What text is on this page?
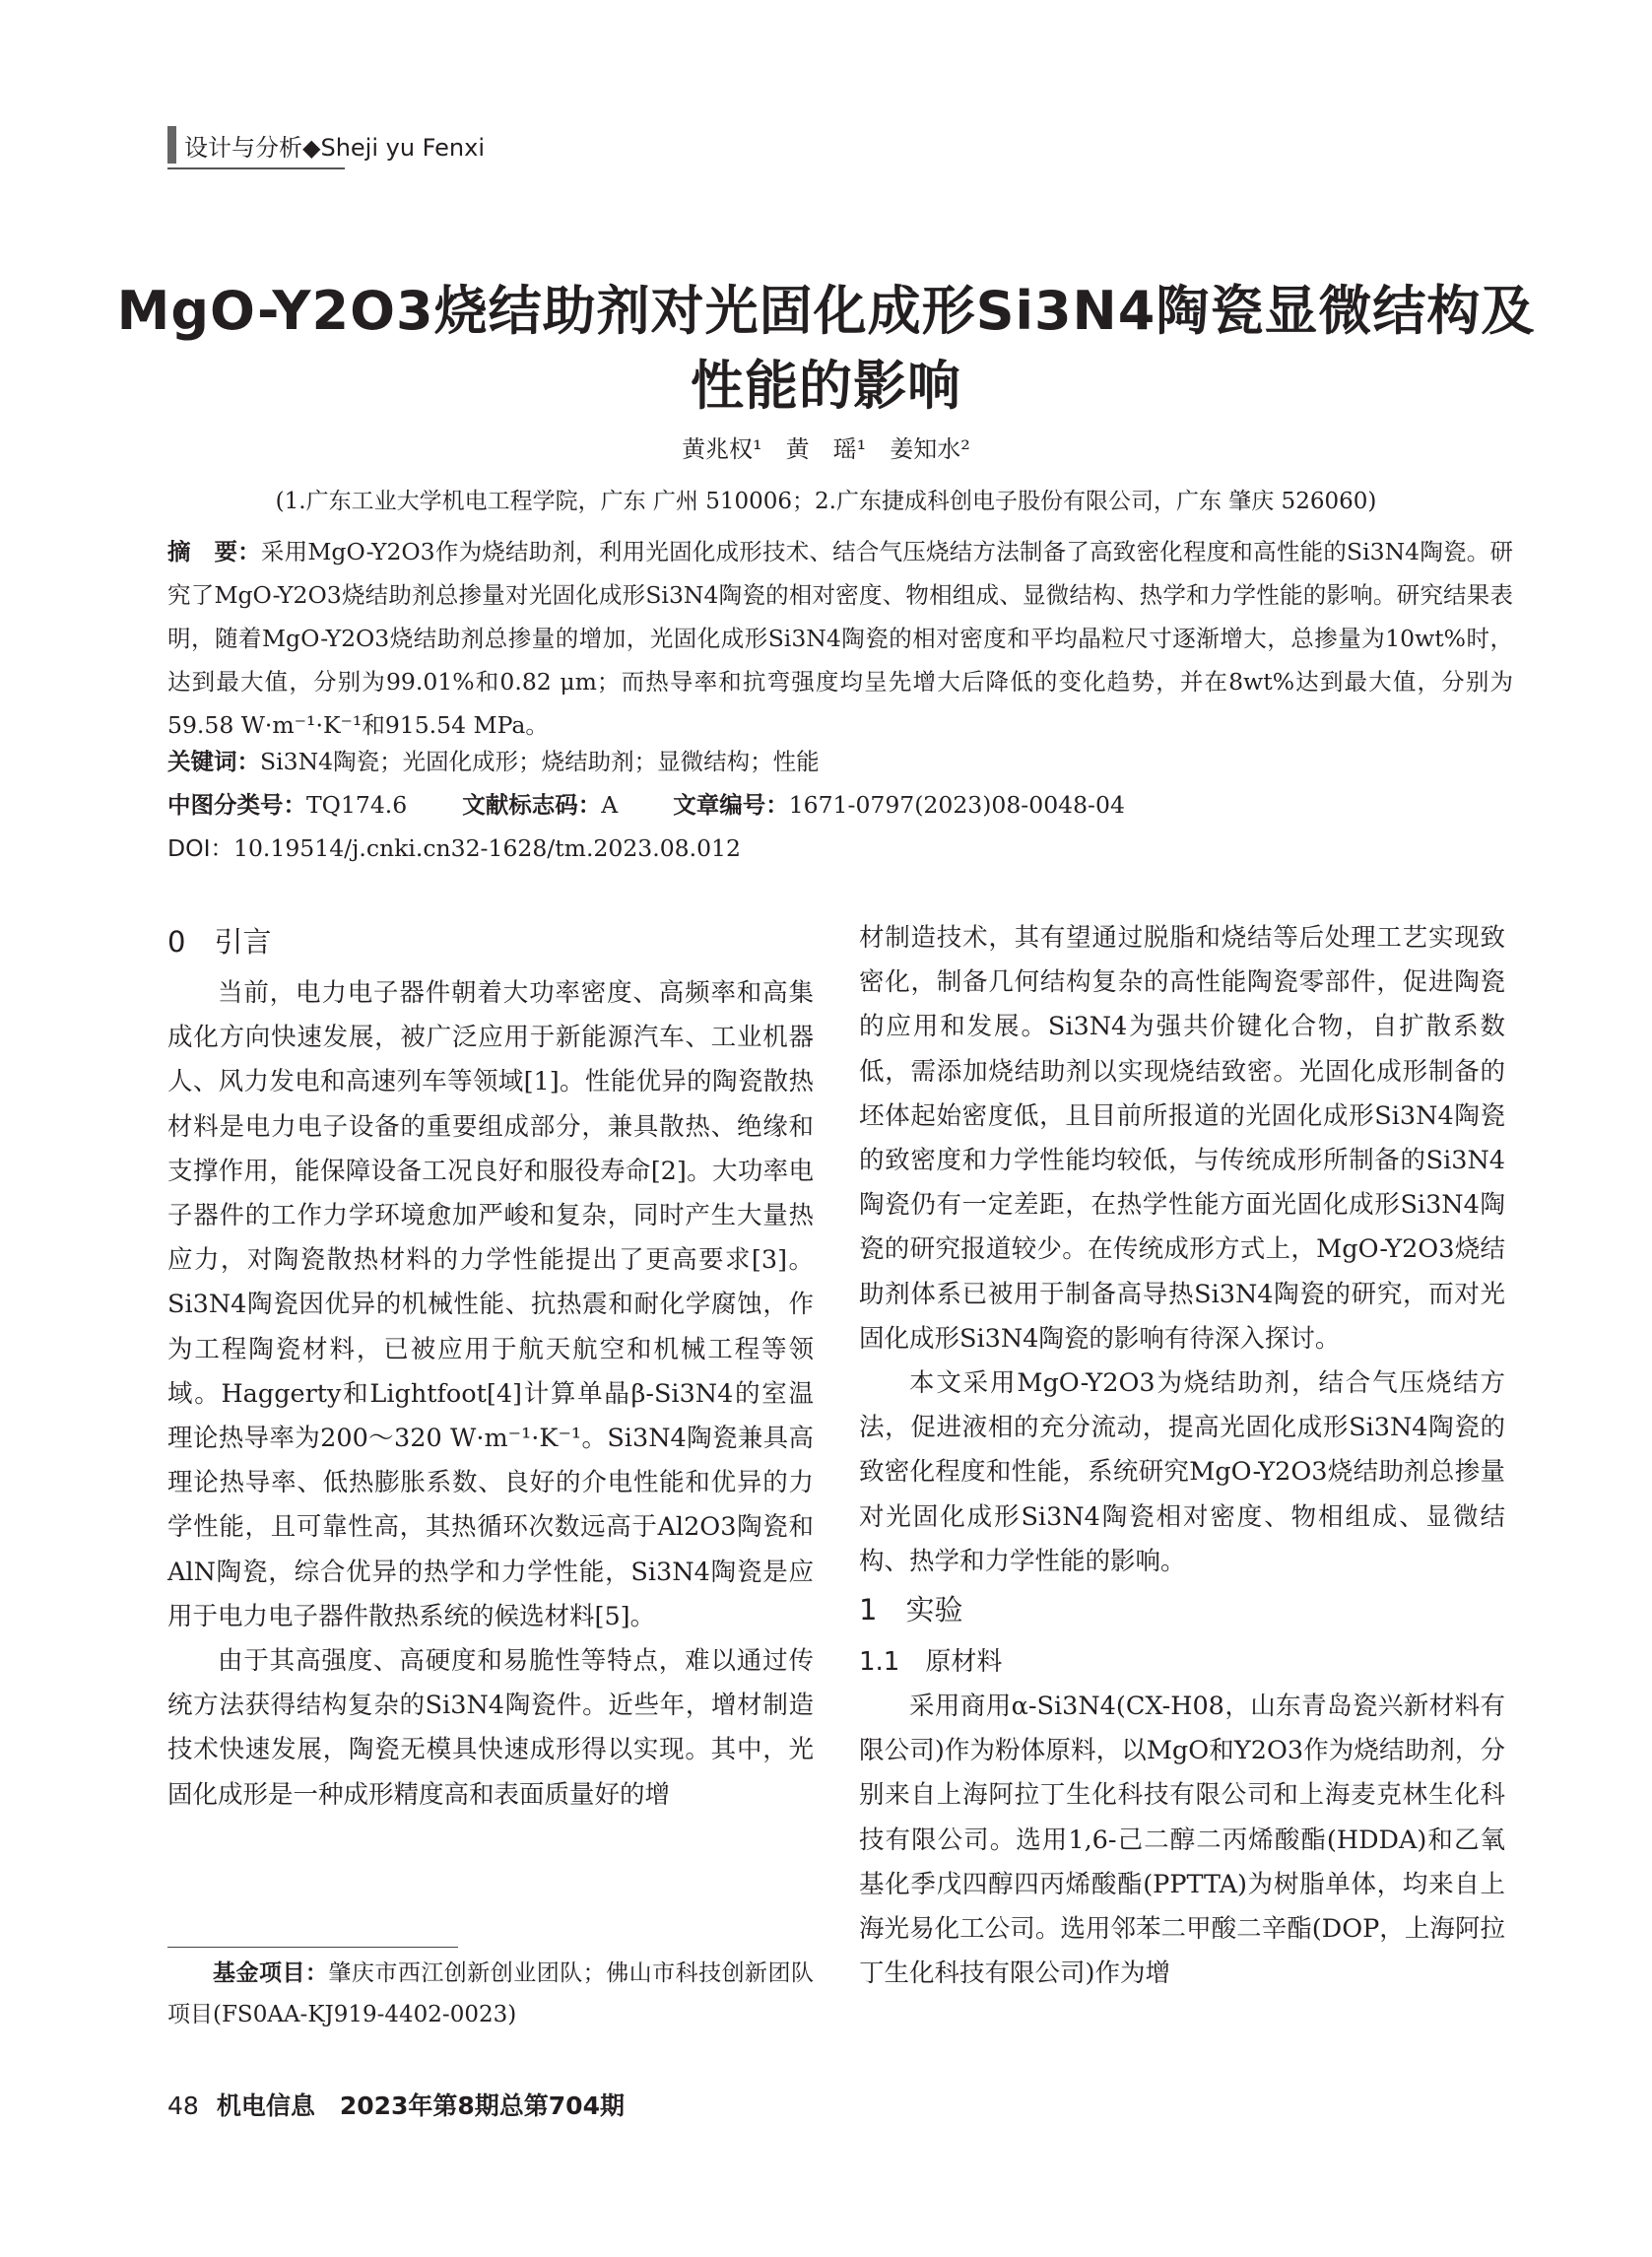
设计与分析◆Sheji yu Fenxi
MgO-Y2O3烧结助剂对光固化成形Si3N4陶瓷显微结构及
性能的影响
黄兆权¹　黄　瑶¹　姜知水²
(1.广东工业大学机电工程学院，广东 广州 510006；2.广东捷成科创电子股份有限公司，广东 肇庆 526060)
摘　要：采用MgO-Y2O3作为烧结助剂，利用光固化成形技术、结合气压烧结方法制备了高致密化程度和高性能的Si3N4陶瓷。研究了MgO-Y2O3烧结助剂总掺量对光固化成形Si3N4陶瓷的相对密度、物相组成、显微结构、热学和力学性能的影响。研究结果表明，随着MgO-Y2O3烧结助剂总掺量的增加，光固化成形Si3N4陶瓷的相对密度和平均晶粒尺寸逐渐增大，总掺量为10wt%时，达到最大值，分别为99.01%和0.82 μm；而热导率和抗弯强度均呈先增大后降低的变化趋势，并在8wt%达到最大值，分别为59.58 W·m⁻¹·K⁻¹和915.54 MPa。
关键词：Si3N4陶瓷；光固化成形；烧结助剂；显微结构；性能
中图分类号：TQ174.6 文献标志码：A 文章编号：1671-0797(2023)08-0048-04
DOI：10.19514/j.cnki.cn32-1628/tm.2023.08.012
0　引言

当前，电力电子器件朝着大功率密度、高频率和高集成化方向快速发展，被广泛应用于新能源汽车、工业机器人、风力发电和高速列车等领域[1]。性能优异的陶瓷散热材料是电力电子设备的重要组成部分，兼具散热、绝缘和支撑作用，能保障设备工况良好和服役寿命[2]。大功率电子器件的工作力学环境愈加严峻和复杂，同时产生大量热应力，对陶瓷散热材料的力学性能提出了更高要求[3]。Si3N4陶瓷因优异的机械性能、抗热震和耐化学腐蚀，作为工程陶瓷材料，已被应用于航天航空和机械工程等领域。Haggerty和Lightfoot[4]计算单晶β-Si3N4的室温理论热导率为200～320 W·m⁻¹·K⁻¹。Si3N4陶瓷兼具高理论热导率、低热膨胀系数、良好的介电性能和优异的力学性能，且可靠性高，其热循环次数远高于Al2O3陶瓷和AlN陶瓷，综合优异的热学和力学性能，Si3N4陶瓷是应用于电力电子器件散热系统的候选材料[5]。

由于其高强度、高硬度和易脆性等特点，难以通过传统方法获得结构复杂的Si3N4陶瓷件。近些年，增材制造技术快速发展，陶瓷无模具快速成形得以实现。其中，光固化成形是一种成形精度高和表面质量好的增

材制造技术，其有望通过脱脂和烧结等后处理工艺实现致密化，制备几何结构复杂的高性能陶瓷零部件，促进陶瓷的应用和发展。Si3N4为强共价键化合物，自扩散系数低，需添加烧结助剂以实现烧结致密。光固化成形制备的坯体起始密度低，且目前所报道的光固化成形Si3N4陶瓷的致密度和力学性能均较低，与传统成形所制备的Si3N4陶瓷仍有一定差距，在热学性能方面光固化成形Si3N4陶瓷的研究报道较少。在传统成形方式上，MgO-Y2O3烧结助剂体系已被用于制备高导热Si3N4陶瓷的研究，而对光固化成形Si3N4陶瓷的影响有待深入探讨。

本文采用MgO-Y2O3为烧结助剂，结合气压烧结方法，促进液相的充分流动，提高光固化成形Si3N4陶瓷的致密化程度和性能，系统研究MgO-Y2O3烧结助剂总掺量对光固化成形Si3N4陶瓷相对密度、物相组成、显微结构、热学和力学性能的影响。

1　实验
1.1　原材料

采用商用α-Si3N4(CX-H08，山东青岛瓷兴新材料有限公司)作为粉体原料，以MgO和Y2O3作为烧结助剂，分别来自上海阿拉丁生化科技有限公司和上海麦克林生化科技有限公司。选用1,6-己二醇二丙烯酸酯(HDDA)和乙氧基化季戊四醇四丙烯酸酯(PPTTA)为树脂单体，均来自上海光易化工公司。选用邻苯二甲酸二辛酯(DOP，上海阿拉丁生化科技有限公司)作为增

基金项目：肇庆市西江创新创业团队；佛山市科技创新团队项目(FS0AA-KJ919-4402-0023)
48 机电信息　2023年第8期总第704期
